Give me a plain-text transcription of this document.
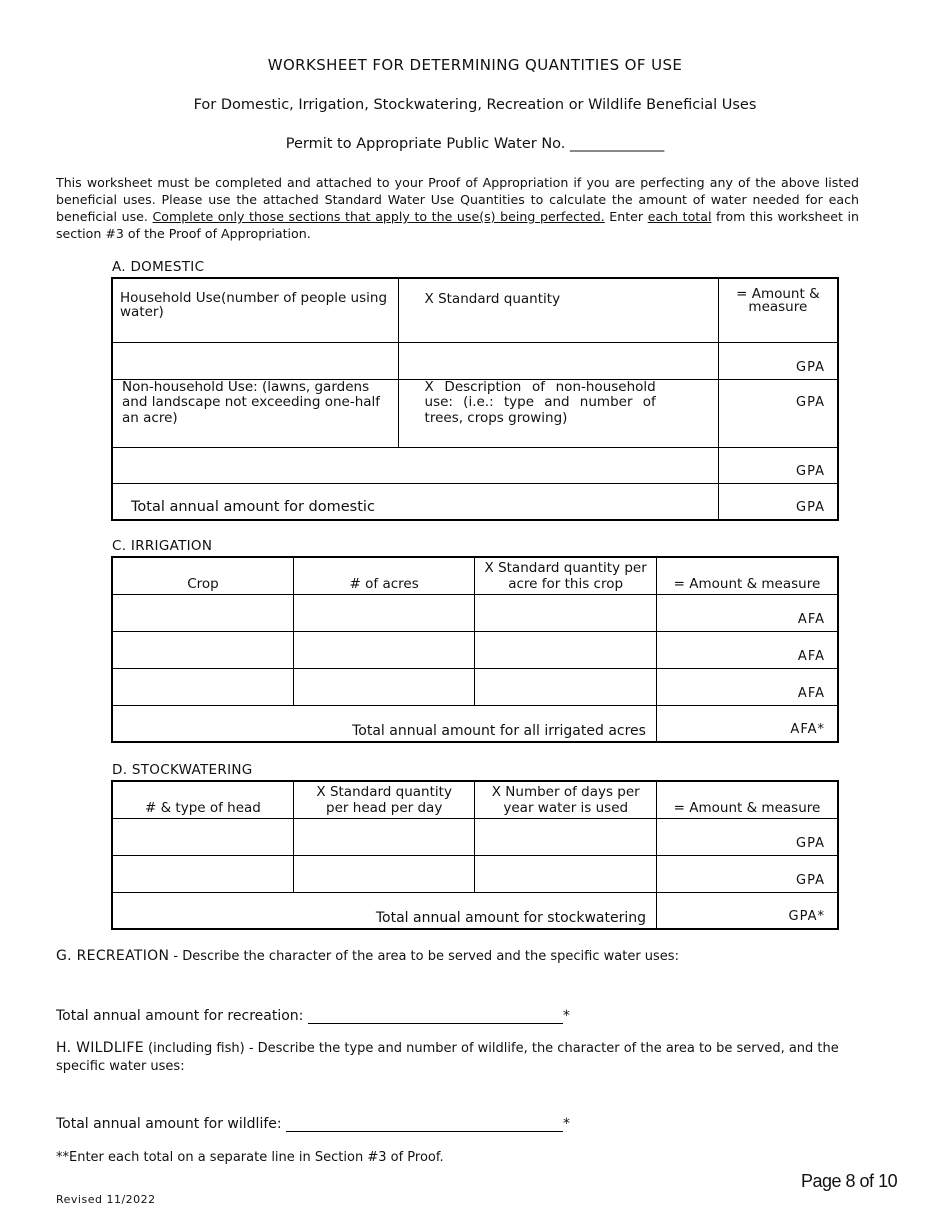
WORKSHEET FOR DETERMINING QUANTITIES OF USE
For Domestic, Irrigation, Stockwatering, Recreation or Wildlife Beneficial Uses
Permit to Appropriate Public Water No. _____________
This worksheet must be completed and attached to your Proof of Appropriation if you are perfecting any of the above listed beneficial uses. Please use the attached Standard Water Use Quantities to calculate the amount of water needed for each beneficial use. Complete only those sections that apply to the use(s) being perfected. Enter each total from this worksheet in section #3 of the Proof of Appropriation.
A. DOMESTIC
Household Use(number of people using water)	X Standard quantity	= Amount & measure
		GPA
Non-household Use: (lawns, gardens and landscape not exceeding one-half an acre)	X Description of non-household use: (i.e.: type and number of trees, crops growing)	GPA
		GPA
Total annual amount for domestic		GPA
C. IRRIGATION
Crop	# of acres	X Standard quantity per acre for this crop	= Amount & measure
			AFA
			AFA
			AFA
Total annual amount for all irrigated acres			AFA*
D. STOCKWATERING
# & type of head	X Standard quantity per head per day	X Number of days per year water is used	= Amount & measure
			GPA
			GPA
Total annual amount for stockwatering			GPA*
G. RECREATION - Describe the character of the area to be served and the specific water uses:
Total annual amount for recreation:	*
H. WILDLIFE (including fish) - Describe the type and number of wildlife, the character of the area to be served, and the specific water uses:
Total annual amount for wildlife:	*
**Enter each total on a separate line in Section #3 of Proof.
Page 8 of 10
Revised 11/2022
